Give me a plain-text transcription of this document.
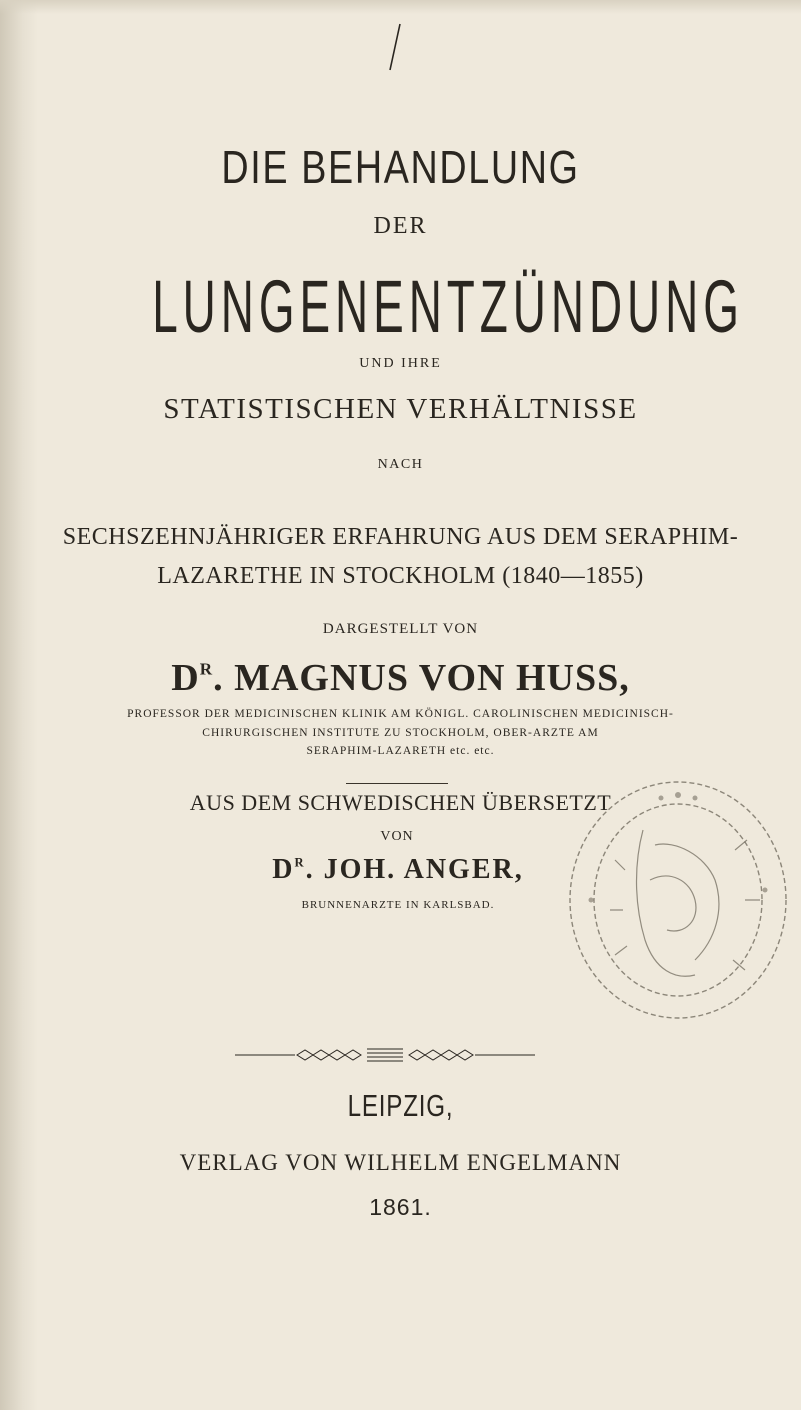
DIE BEHANDLUNG
DER
LUNGENENTZÜNDUNG
UND IHRE
STATISTISCHEN VERHÄLTNISSE
NACH
SECHSZEHNJÄHRIGER ERFAHRUNG AUS DEM SERAPHIM-
LAZARETHE IN STOCKHOLM (1840—1855)
DARGESTELLT VON
$D^R$. MAGNUS VON HUSS,
PROFESSOR DER MEDICINISCHEN KLINIK AM KÖNIGL. CAROLINISCHEN MEDICINISCH-
CHIRURGISCHEN INSTITUTE ZU STOCKHOLM, OBER-ARZTE AM
SERAPHIM-LAZARETH etc. etc.
AUS DEM SCHWEDISCHEN ÜBERSETZT
VON
$D^R$. JOH. ANGER,
BRUNNENARZTE IN KARLSBAD.
LEIPZIG,
VERLAG VON WILHELM ENGELMANN
1861.
